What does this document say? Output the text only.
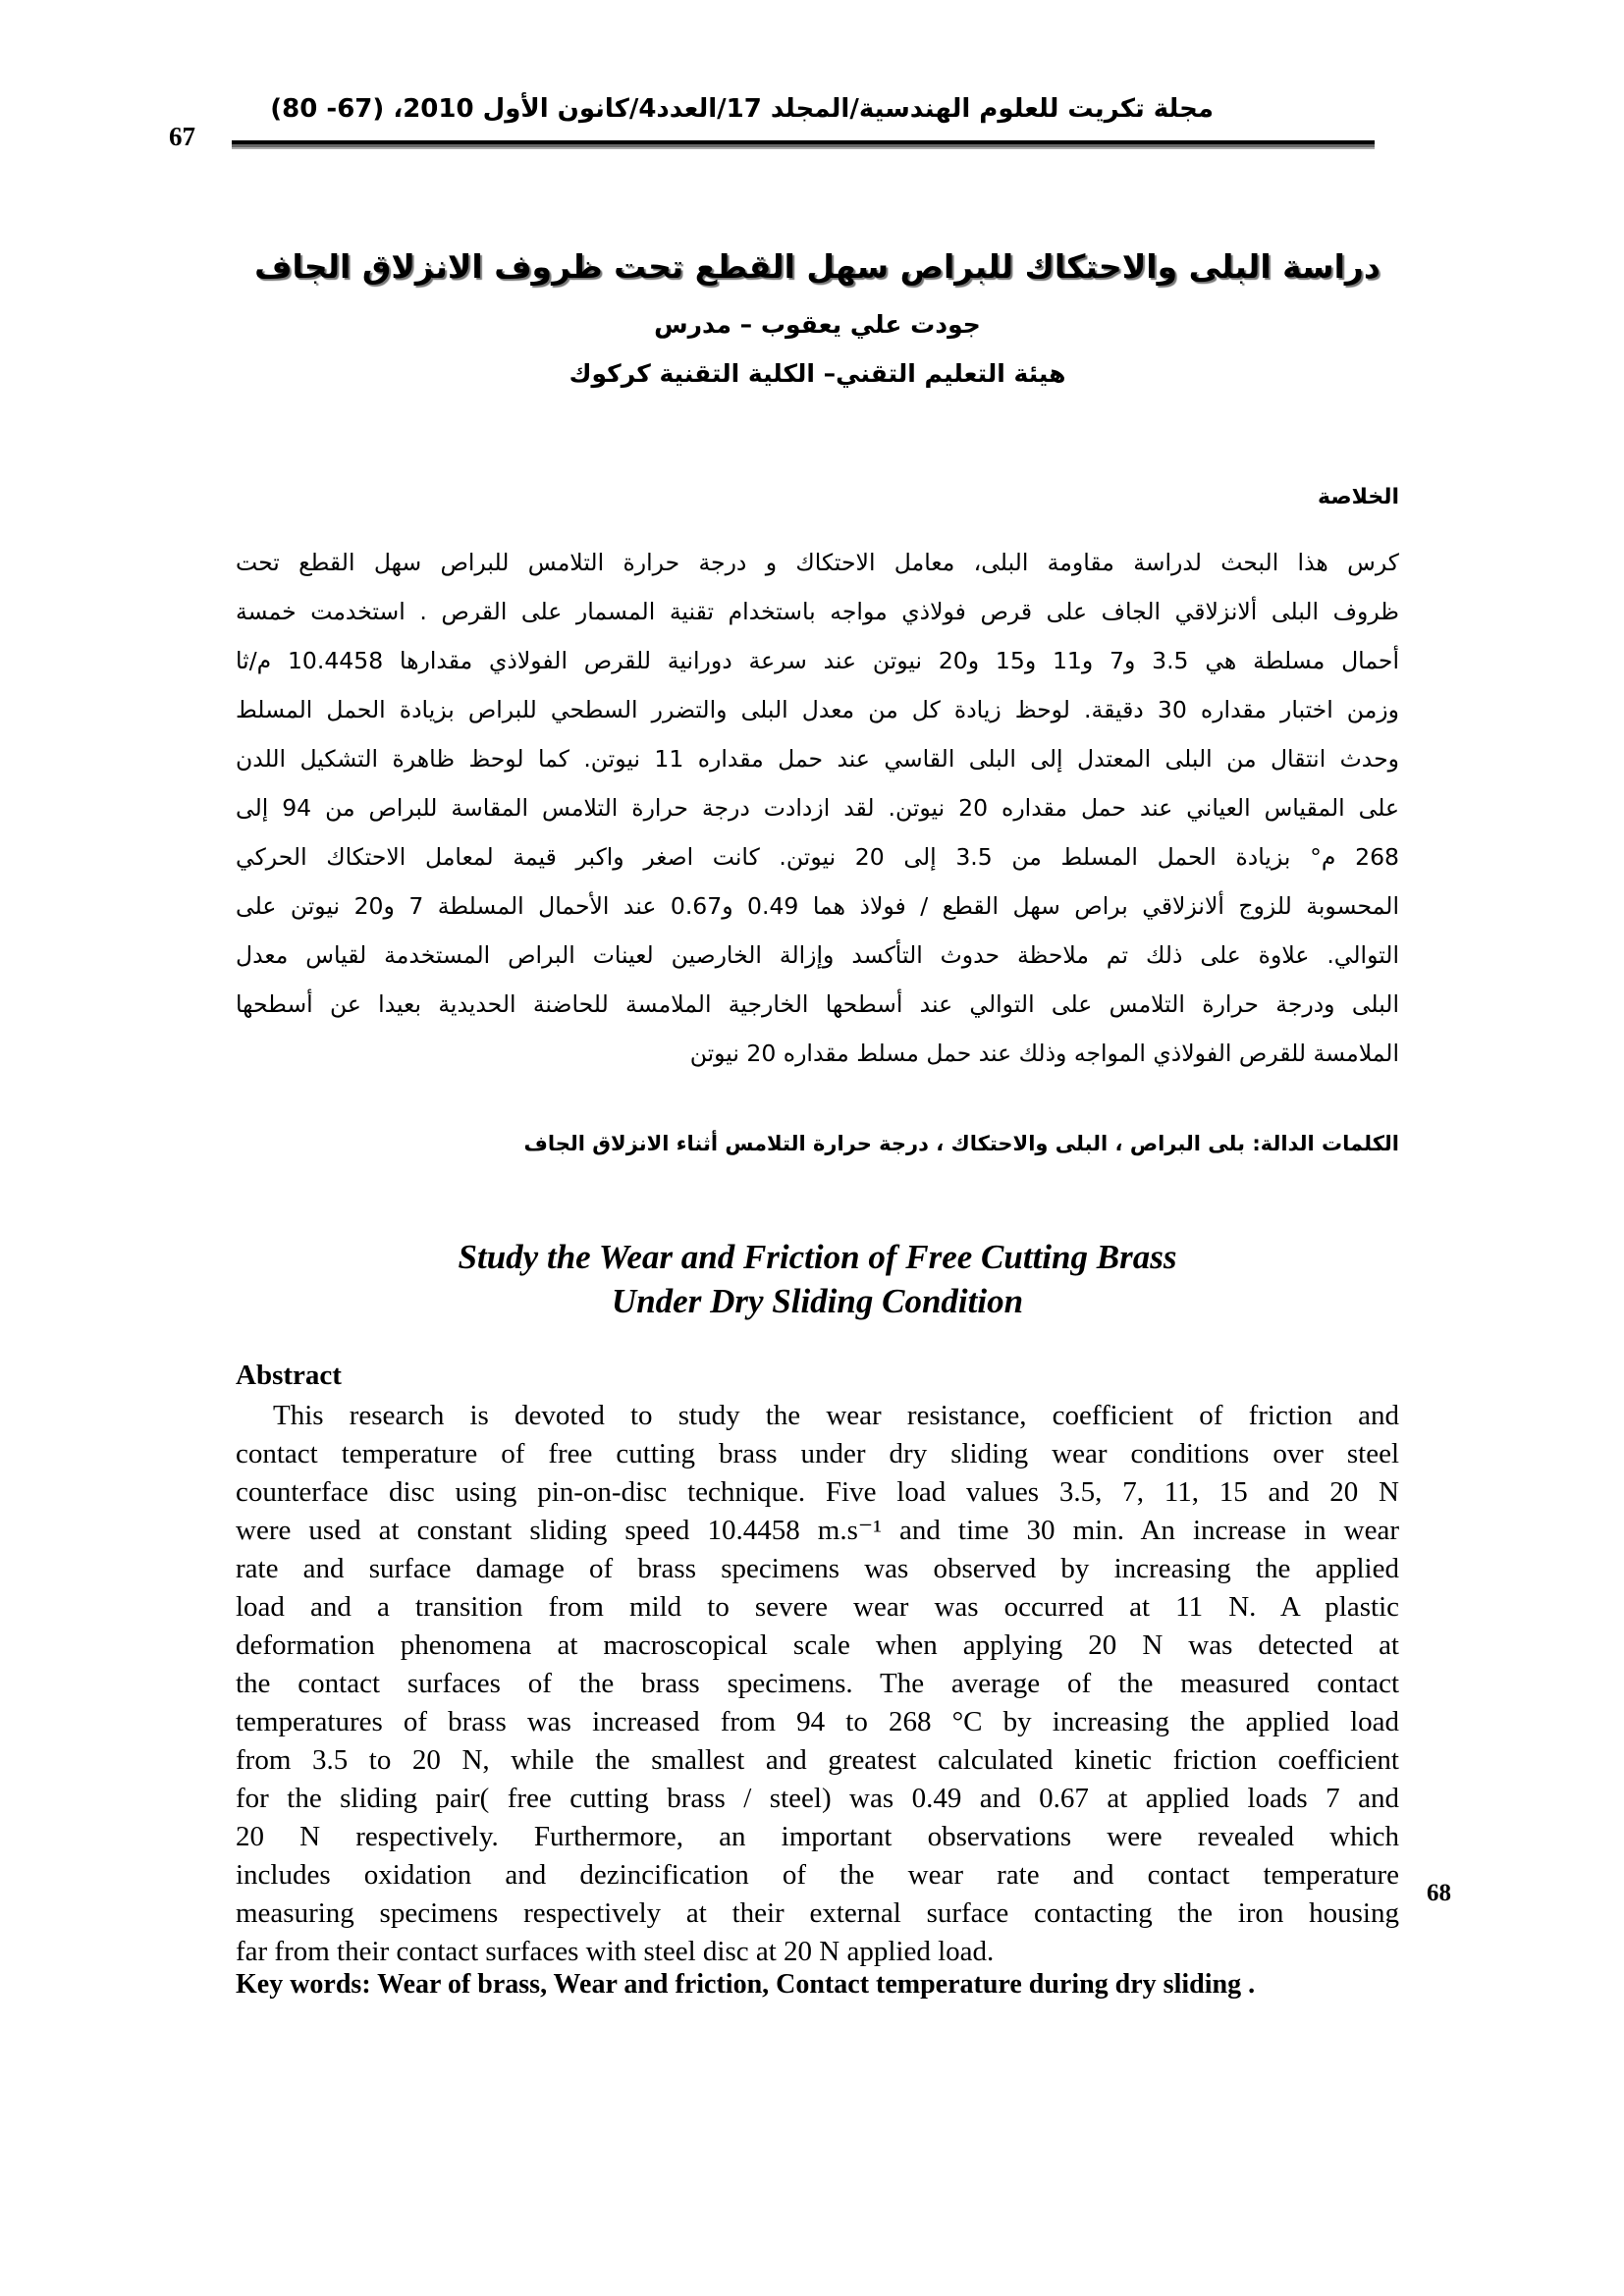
67
مجلة تكريت للعلوم الهندسية/المجلد 17/العدد4/كانون الأول 2010، (67- 80)
دراسة البلى والاحتكاك للبراص سهل القطع تحت ظروف الانزلاق الجاف
جودت علي يعقوب – مدرس
هيئة التعليم التقني– الكلية التقنية كركوك
الخلاصة
كرس هذا البحث لدراسة مقاومة البلى، معامل الاحتكاك و درجة حرارة التلامس للبراص سهل القطع تحت
ظروف البلى ألانزلاقي الجاف على قرص فولاذي مواجه باستخدام تقنية المسمار على القرص . استخدمت خمسة
أحمال مسلطة هي 3.5 و7 و11 و15 و20 نيوتن عند سرعة دورانية للقرص الفولاذي مقدارها 10.4458 م/ثا
وزمن اختبار مقداره 30 دقيقة. لوحظ زيادة كل من معدل البلى والتضرر السطحي للبراص بزيادة الحمل المسلط
وحدث انتقال من البلى المعتدل إلى البلى القاسي عند حمل مقداره 11 نيوتن. كما لوحظ ظاهرة التشكيل اللدن
على المقياس العياني عند حمل مقداره 20 نيوتن. لقد ازدادت درجة حرارة التلامس المقاسة للبراص من 94 إلى
268 م° بزيادة الحمل المسلط من 3.5 إلى 20 نيوتن. كانت اصغر واكبر قيمة لمعامل الاحتكاك الحركي
المحسوبة للزوج ألانزلاقي براص سهل القطع / فولاذ هما 0.49 و0.67 عند الأحمال المسلطة 7 و20 نيوتن على
التوالي. علاوة على ذلك تم ملاحظة حدوث التأكسد وإزالة الخارصين لعينات البراص المستخدمة لقياس معدل
البلى ودرجة حرارة التلامس على التوالي عند أسطحها الخارجية الملامسة للحاضنة الحديدية بعيدا عن أسطحها
الملامسة للقرص الفولاذي المواجه وذلك عند حمل مسلط مقداره 20 نيوتن
الكلمات الدالة: بلى البراص ، البلى والاحتكاك ، درجة حرارة التلامس أثناء الانزلاق الجاف
Study the Wear and Friction of Free Cutting Brass
Under Dry Sliding Condition
Abstract
This research is devoted to study the wear resistance, coefficient of friction and
contact temperature of free cutting brass under dry sliding wear conditions over steel
counterface disc using pin-on-disc technique. Five load values 3.5, 7, 11, 15 and 20 N
were used at constant sliding speed 10.4458 m.s⁻¹ and time 30 min. An increase in wear
rate and surface damage of brass specimens was observed by increasing the applied
load and a transition from mild to severe wear was occurred at 11 N. A plastic
deformation phenomena at macroscopical scale when applying 20 N was detected at
the contact surfaces of the brass specimens. The average of the measured contact
temperatures of brass was increased from 94 to 268 °C by increasing the applied load
from 3.5 to 20 N, while the smallest and greatest calculated kinetic friction coefficient
for the sliding pair( free cutting brass / steel) was 0.49 and 0.67 at applied loads 7 and
20 N respectively. Furthermore, an important observations were revealed which
includes oxidation and dezincification of the wear rate and contact temperature
measuring specimens respectively at their external surface contacting the iron housing
far from their contact surfaces with steel disc at 20 N applied load.
Key words: Wear of brass, Wear and friction, Contact temperature during dry sliding .
68
